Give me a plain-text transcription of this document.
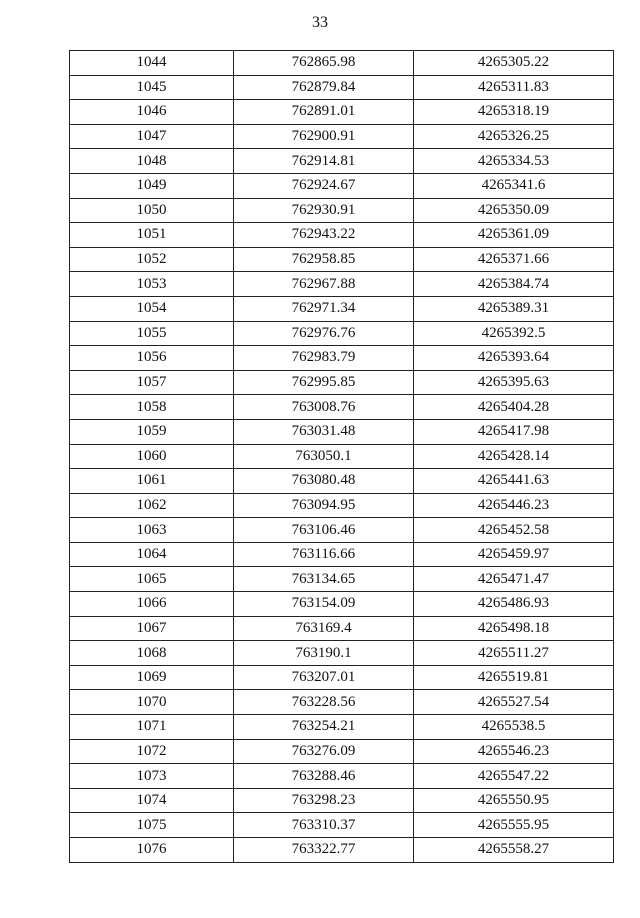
33
1044	762865.98	4265305.22
1045	762879.84	4265311.83
1046	762891.01	4265318.19
1047	762900.91	4265326.25
1048	762914.81	4265334.53
1049	762924.67	4265341.6
1050	762930.91	4265350.09
1051	762943.22	4265361.09
1052	762958.85	4265371.66
1053	762967.88	4265384.74
1054	762971.34	4265389.31
1055	762976.76	4265392.5
1056	762983.79	4265393.64
1057	762995.85	4265395.63
1058	763008.76	4265404.28
1059	763031.48	4265417.98
1060	763050.1	4265428.14
1061	763080.48	4265441.63
1062	763094.95	4265446.23
1063	763106.46	4265452.58
1064	763116.66	4265459.97
1065	763134.65	4265471.47
1066	763154.09	4265486.93
1067	763169.4	4265498.18
1068	763190.1	4265511.27
1069	763207.01	4265519.81
1070	763228.56	4265527.54
1071	763254.21	4265538.5
1072	763276.09	4265546.23
1073	763288.46	4265547.22
1074	763298.23	4265550.95
1075	763310.37	4265555.95
1076	763322.77	4265558.27
